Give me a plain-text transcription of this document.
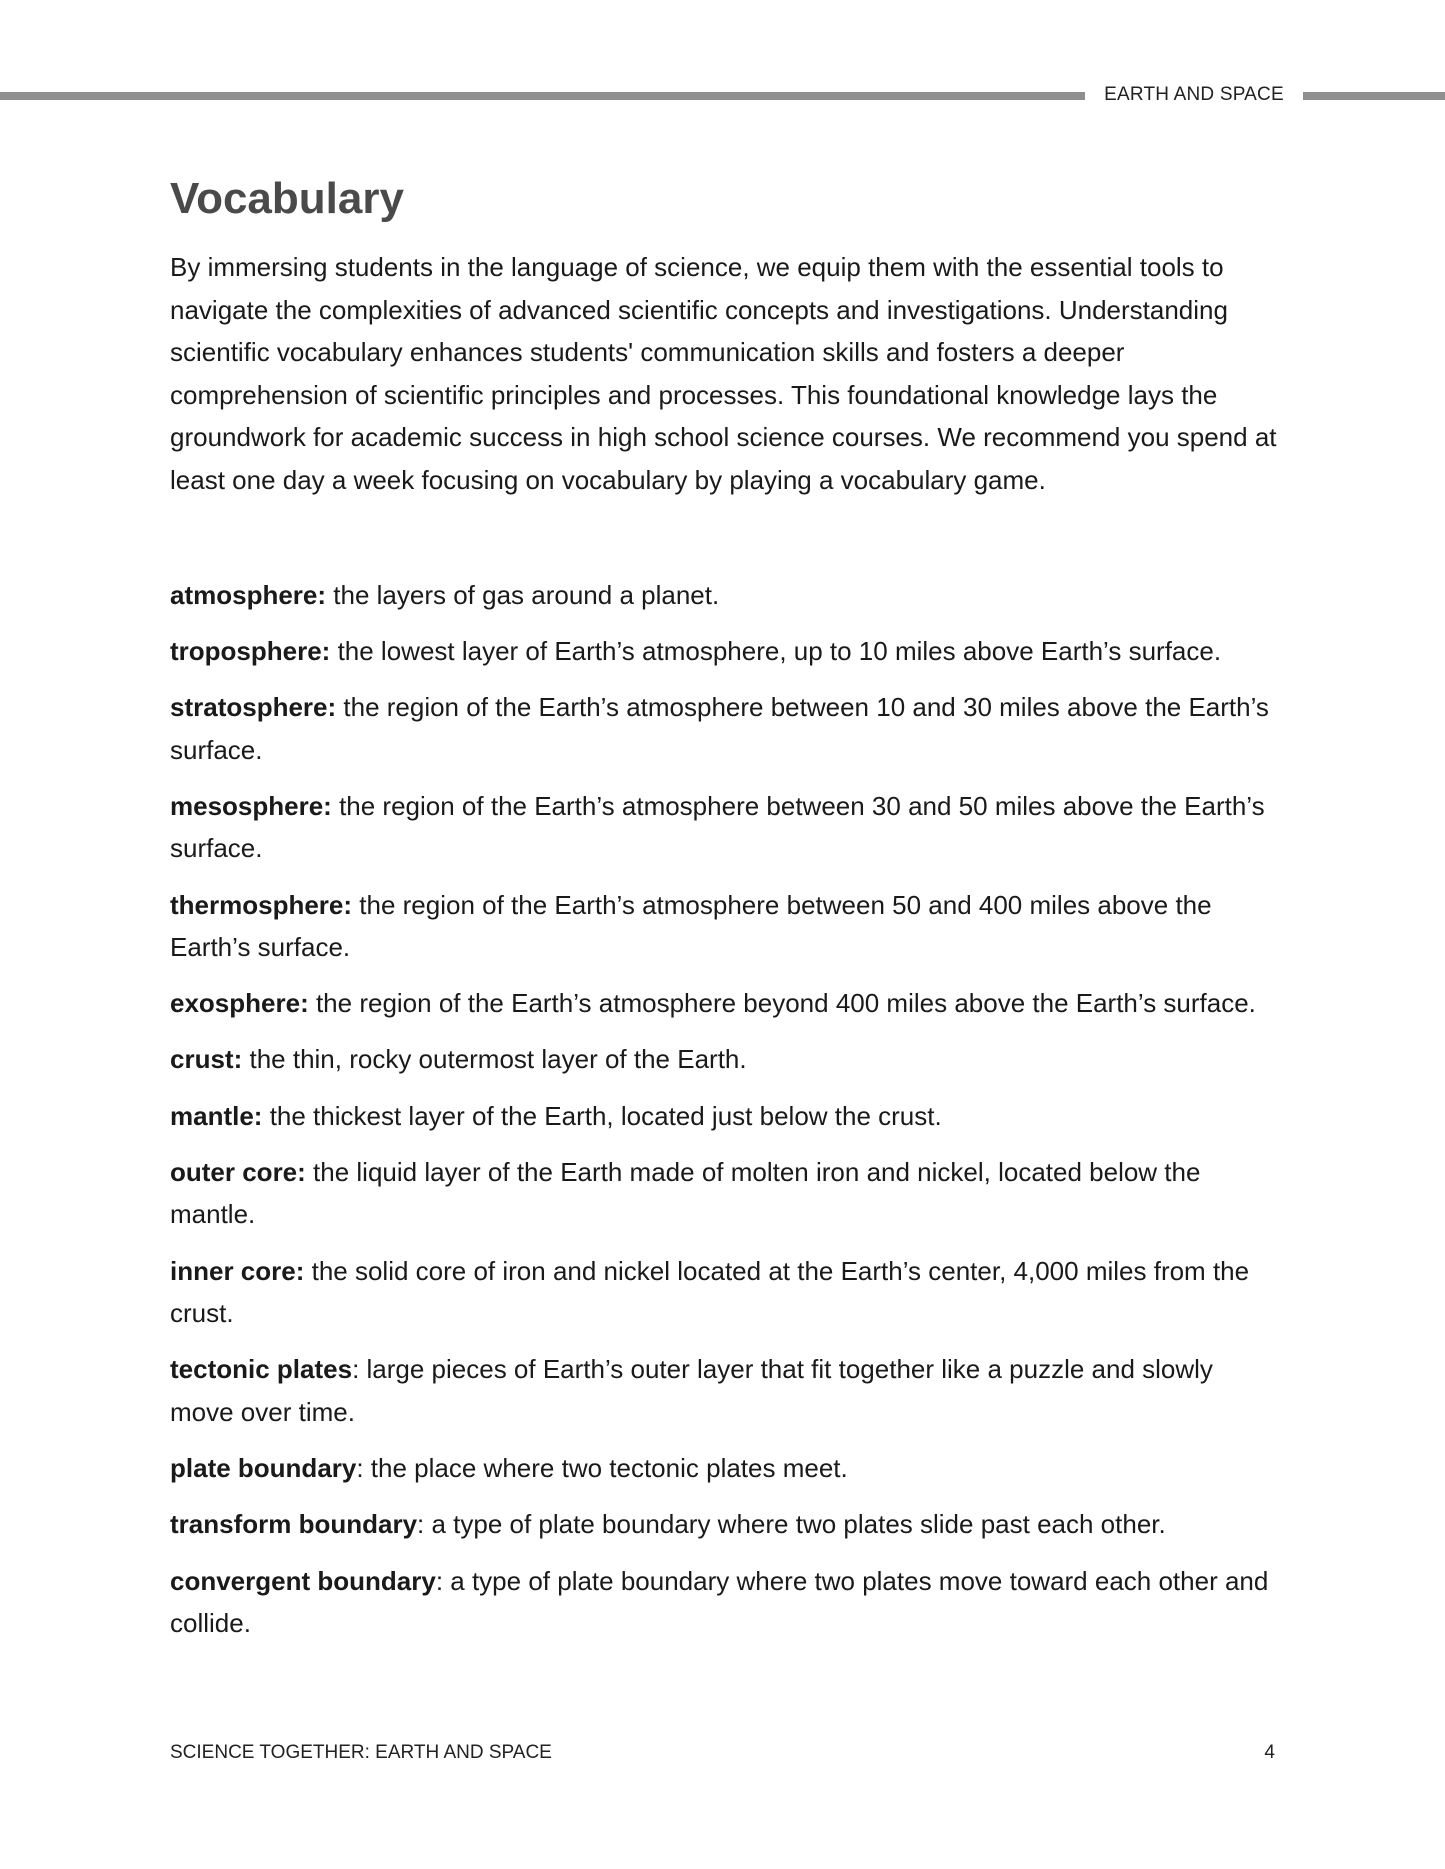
EARTH AND SPACE
Vocabulary

By immersing students in the language of science, we equip them with the essential tools to navigate the complexities of advanced scientific concepts and investigations. Understanding scientific vocabulary enhances students' communication skills and fosters a deeper comprehension of scientific principles and processes. This foundational knowledge lays the groundwork for academic success in high school science courses. We recommend you spend at least one day a week focusing on vocabulary by playing a vocabulary game.

atmosphere: the layers of gas around a planet.
troposphere: the lowest layer of Earth’s atmosphere, up to 10 miles above Earth’s surface.
stratosphere: the region of the Earth’s atmosphere between 10 and 30 miles above the Earth’s surface.
mesosphere: the region of the Earth’s atmosphere between 30 and 50 miles above the Earth’s surface.
thermosphere: the region of the Earth’s atmosphere between 50 and 400 miles above the Earth’s surface.
exosphere: the region of the Earth’s atmosphere beyond 400 miles above the Earth’s surface.
crust: the thin, rocky outermost layer of the Earth.
mantle: the thickest layer of the Earth, located just below the crust.
outer core: the liquid layer of the Earth made of molten iron and nickel, located below the mantle.
inner core: the solid core of iron and nickel located at the Earth’s center, 4,000 miles from the crust.
tectonic plates: large pieces of Earth’s outer layer that fit together like a puzzle and slowly move over time.
plate boundary: the place where two tectonic plates meet.
transform boundary: a type of plate boundary where two plates slide past each other.
convergent boundary: a type of plate boundary where two plates move toward each other and collide.
SCIENCE TOGETHER: EARTH AND SPACE	4
